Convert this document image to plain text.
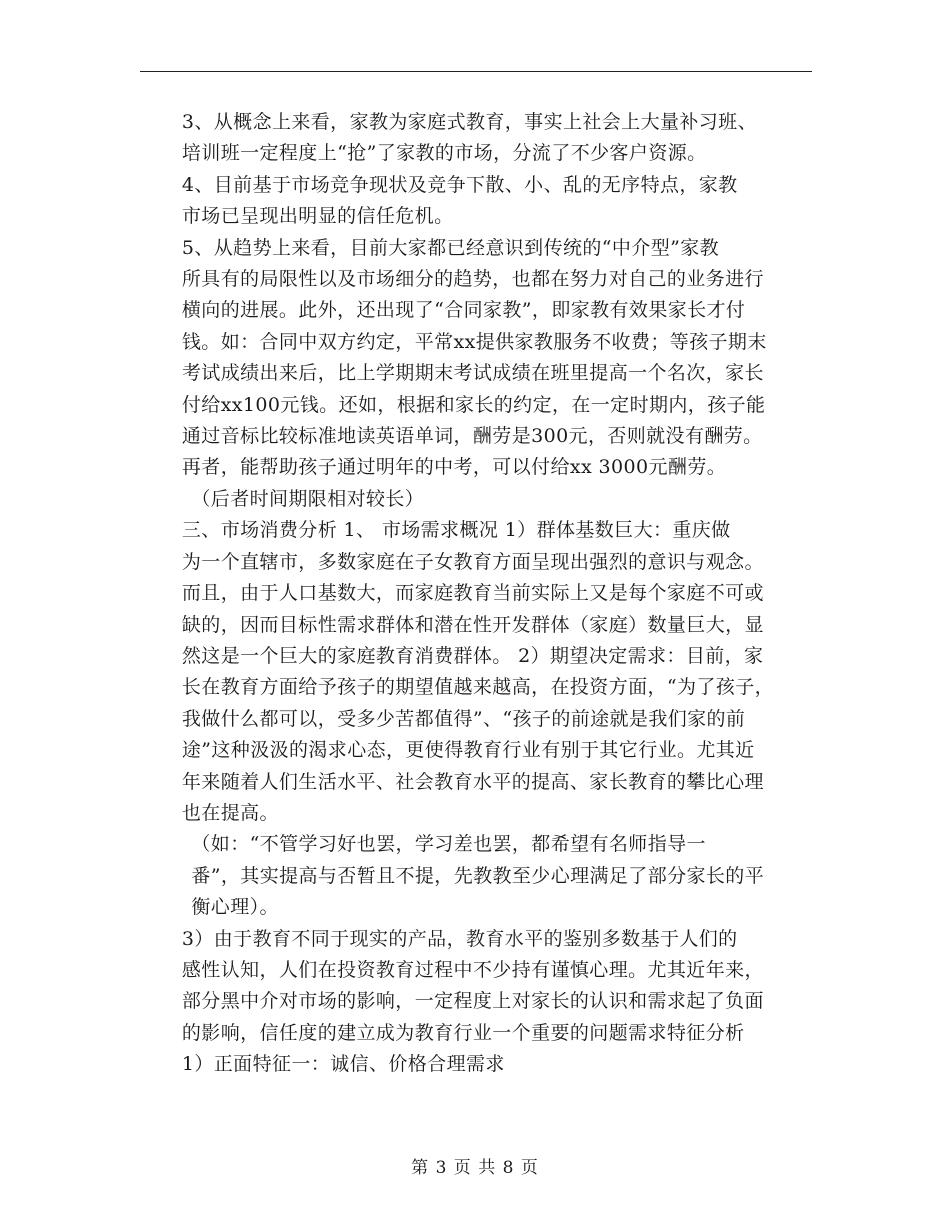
3、从概念上来看，家教为家庭式教育，事实上社会上大量补习班、
培训班一定程度上“抢”了家教的市场，分流了不少客户资源。

4、目前基于市场竞争现状及竞争下散、小、乱的无序特点，家教
市场已呈现出明显的信任危机。

5、从趋势上来看，目前大家都已经意识到传统的“中介型”家教
所具有的局限性以及市场细分的趋势，也都在努力对自己的业务进行
横向的进展。此外，还出现了“合同家教”，即家教有效果家长才付
钱。如：合同中双方约定，平常xx提供家教服务不收费；等孩子期末
考试成绩出来后，比上学期期末考试成绩在班里提高一个名次，家长
付给xx100元钱。还如，根据和家长的约定，在一定时期内，孩子能
通过音标比较标准地读英语单词，酬劳是300元，否则就没有酬劳。
再者，能帮助孩子通过明年的中考，可以付给xx 3000元酬劳。

（后者时间期限相对较长）

三、市场消费分析 1、 市场需求概况 1）群体基数巨大：重庆做
为一个直辖市，多数家庭在子女教育方面呈现出强烈的意识与观念。
而且，由于人口基数大，而家庭教育当前实际上又是每个家庭不可或
缺的，因而目标性需求群体和潜在性开发群体（家庭）数量巨大，显
然这是一个巨大的家庭教育消费群体。 2）期望决定需求：目前，家
长在教育方面给予孩子的期望值越来越高，在投资方面，“为了孩子，
我做什么都可以，受多少苦都值得”、“孩子的前途就是我们家的前
途”这种汲汲的渴求心态，更使得教育行业有别于其它行业。尤其近
年来随着人们生活水平、社会教育水平的提高、家长教育的攀比心理
也在提高。

（如：“不管学习好也罢，学习差也罢，都希望有名师指导一
番”，其实提高与否暂且不提，先教教至少心理满足了部分家长的平
衡心理）。

3）由于教育不同于现实的产品，教育水平的鉴别多数基于人们的
感性认知，人们在投资教育过程中不少持有谨慎心理。尤其近年来，
部分黑中介对市场的影响，一定程度上对家长的认识和需求起了负面
的影响，信任度的建立成为教育行业一个重要的问题需求特征分析
1）正面特征一：诚信、价格合理需求

第 3 页 共 8 页
